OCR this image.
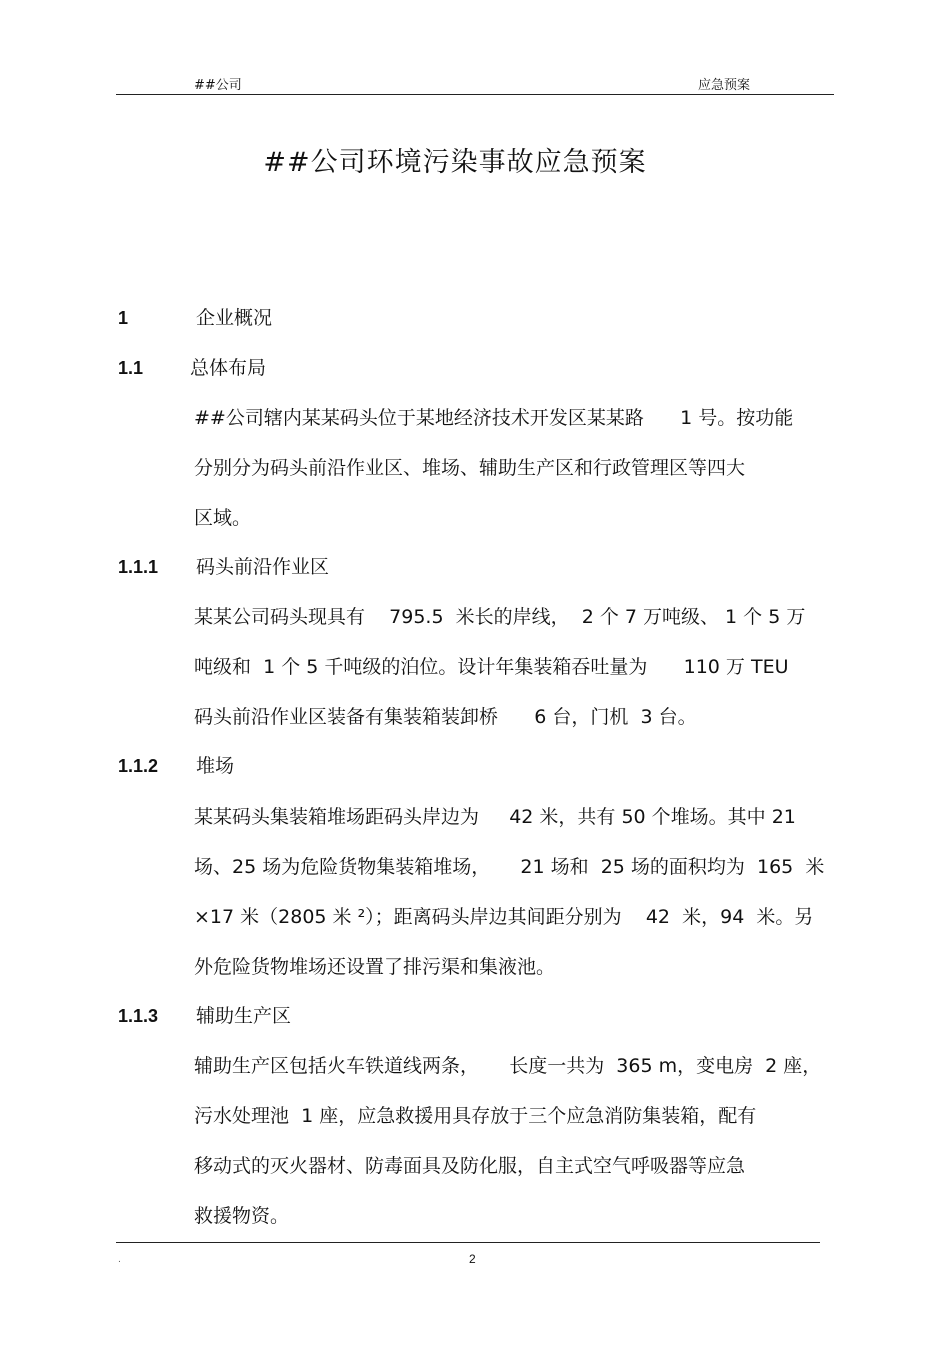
##公司	应急预案
##公司环境污染事故应急预案
1	企业概况
1.1 总体布局
##公司辖内某某码头位于某地经济技术开发区某某路      1 号。按功能
分别分为码头前沿作业区、堆场、辅助生产区和行政管理区等四大
区域。
1.1.1 码头前沿作业区
某某公司码头现具有    795.5  米长的岸线，  2 个 7 万吨级、 1 个 5 万
吨级和  1 个 5 千吨级的泊位。设计年集装箱吞吐量为      110 万 TEU
码头前沿作业区装备有集装箱装卸桥      6 台，门机  3 台。
1.1.2 堆场
某某码头集装箱堆场距码头岸边为     42 米，共有 50 个堆场。其中 21
场、25 场为危险货物集装箱堆场，     21 场和  25 场的面积均为  165  米
×17 米（2805 米 ²）；距离码头岸边其间距分别为    42  米，94  米。另
外危险货物堆场还设置了排污渠和集液池。
1.1.3 辅助生产区
辅助生产区包括火车铁道线两条，     长度一共为  365 m，变电房  2 座，
污水处理池  1 座，应急救援用具存放于三个应急消防集装箱，配有
移动式的灭火器材、防毒面具及防化服，自主式空气呼吸器等应急
救援物资。
.	2
